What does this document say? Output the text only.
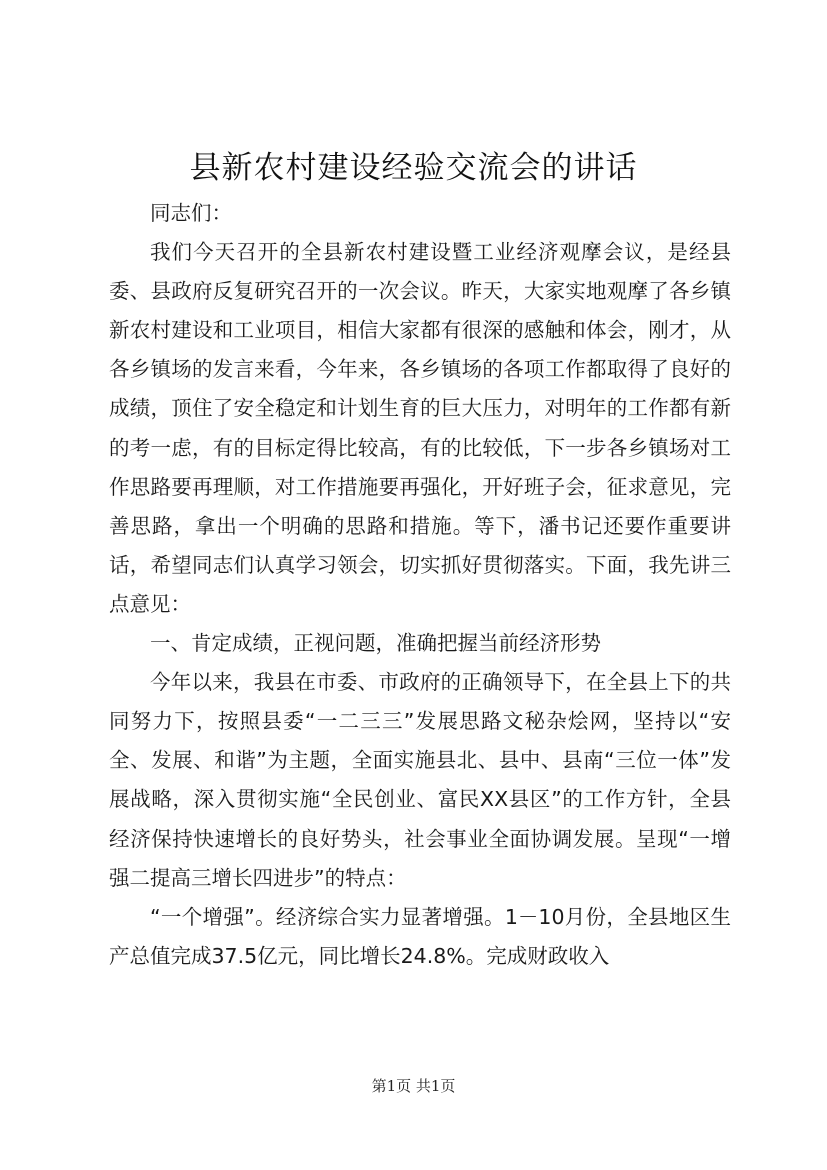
县新农村建设经验交流会的讲话

同志们：

我们今天召开的全县新农村建设暨工业经济观摩会议，是经县委、县政府反复研究召开的一次会议。昨天，大家实地观摩了各乡镇新农村建设和工业项目，相信大家都有很深的感触和体会，刚才，从各乡镇场的发言来看，今年来，各乡镇场的各项工作都取得了良好的成绩，顶住了安全稳定和计划生育的巨大压力，对明年的工作都有新的考一虑，有的目标定得比较高，有的比较低，下一步各乡镇场对工作思路要再理顺，对工作措施要再强化，开好班子会，征求意见，完善思路，拿出一个明确的思路和措施。等下，潘书记还要作重要讲话，希望同志们认真学习领会，切实抓好贯彻落实。下面，我先讲三点意见：

一、肯定成绩，正视问题，准确把握当前经济形势

今年以来，我县在市委、市政府的正确领导下，在全县上下的共同努力下，按照县委“一二三三”发展思路文秘杂烩网，坚持以“安全、发展、和谐”为主题，全面实施县北、县中、县南“三位一体”发展战略，深入贯彻实施“全民创业、富民XX县区”的工作方针，全县经济保持快速增长的良好势头，社会事业全面协调发展。呈现“一增强二提高三增长四进步”的特点：

“一个增强”。经济综合实力显著增强。1－10月份，全县地区生产总值完成37.5亿元，同比增长24.8%。完成财政收入

第1页 共1页
